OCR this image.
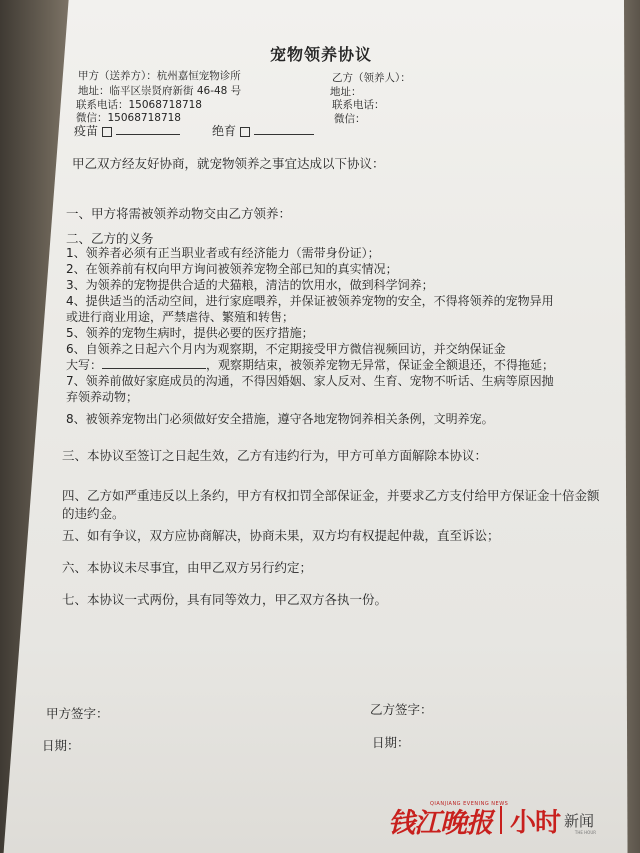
宠物领养协议
甲方（送养方）：杭州嘉恒宠物诊所
地址：临平区崇贤府新街 46-48 号
联系电话：15068718718
微信：15068718718
乙方（领养人）：
地址：
联系电话：
微信：
疫苗	绝育
甲乙双方经友好协商，就宠物领养之事宜达成以下协议：
一、甲方将需被领养动物交由乙方领养：
二、乙方的义务
1、领养者必须有正当职业者或有经济能力（需带身份证）；
2、在领养前有权向甲方询问被领养宠物全部已知的真实情况；
3、为领养的宠物提供合适的犬猫粮，清洁的饮用水，做到科学饲养；
4、提供适当的活动空间，进行家庭喂养，并保证被领养宠物的安全，不得将领养的宠物异用
或进行商业用途，严禁虐待、繁殖和转售；
5、领养的宠物生病时，提供必要的医疗措施；
6、自领养之日起六个月内为观察期，不定期接受甲方微信视频回访，并交纳保证金
大写：	，观察期结束，被领养宠物无异常，保证金全额退还，不得拖延；
7、领养前做好家庭成员的沟通，不得因婚姻、家人反对、生育、宠物不听话、生病等原因抛
弃领养动物；
8、被领养宠物出门必须做好安全措施，遵守各地宠物饲养相关条例，文明养宠。
三、本协议至签订之日起生效，乙方有违约行为，甲方可单方面解除本协议：
四、乙方如严重违反以上条约，甲方有权扣罚全部保证金，并要求乙方支付给甲方保证金十倍金额
的违约金。
五、如有争议，双方应协商解决，协商未果，双方均有权提起仲裁，直至诉讼；
六、本协议未尽事宜，由甲乙双方另行约定；
七、本协议一式两份，具有同等效力，甲乙双方各执一份。
甲方签字：	乙方签字：
日期：	日期：
钱江晚报
QIANJIANG EVENING NEWS
小时 新闻
THE HOUR
